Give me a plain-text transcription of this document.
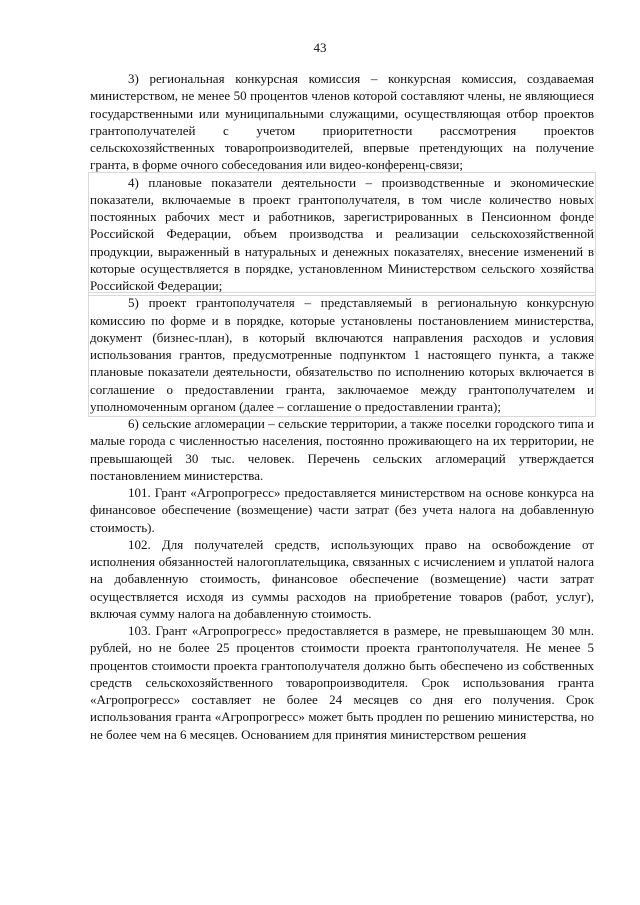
43

3) региональная конкурсная комиссия – конкурсная комиссия, создаваемая министерством, не менее 50 процентов членов которой составляют члены, не являющиеся государственными или муниципальными служащими, осуществляющая отбор проектов грантополучателей с учетом приоритетности рассмотрения проектов сельскохозяйственных товаропроизводителей, впервые претендующих на получение гранта, в форме очного собеседования или видео-конференц-связи;

4) плановые показатели деятельности – производственные и экономические показатели, включаемые в проект грантополучателя, в том числе количество новых постоянных рабочих мест и работников, зарегистрированных в Пенсионном фонде Российской Федерации, объем производства и реализации сельскохозяйственной продукции, выраженный в натуральных и денежных показателях, внесение изменений в которые осуществляется в порядке, установленном Министерством сельского хозяйства Российской Федерации;

5) проект грантополучателя – представляемый в региональную конкурсную комиссию по форме и в порядке, которые установлены постановлением министерства, документ (бизнес-план), в который включаются направления расходов и условия использования грантов, предусмотренные подпунктом 1 настоящего пункта, а также плановые показатели деятельности, обязательство по исполнению которых включается в соглашение о предоставлении гранта, заключаемое между грантополучателем и уполномоченным органом (далее – соглашение о предоставлении гранта);

6) сельские агломерации – сельские территории, а также поселки городского типа и малые города с численностью населения, постоянно проживающего на их территории, не превышающей 30 тыс. человек. Перечень сельских агломераций утверждается постановлением министерства.

101. Грант «Агропрогресс» предоставляется министерством на основе конкурса на финансовое обеспечение (возмещение) части затрат (без учета налога на добавленную стоимость).

102. Для получателей средств, использующих право на освобождение от исполнения обязанностей налогоплательщика, связанных с исчислением и уплатой налога на добавленную стоимость, финансовое обеспечение (возмещение) части затрат осуществляется исходя из суммы расходов на приобретение товаров (работ, услуг), включая сумму налога на добавленную стоимость.

103. Грант «Агропрогресс» предоставляется в размере, не превышающем 30 млн. рублей, но не более 25 процентов стоимости проекта грантополучателя. Не менее 5 процентов стоимости проекта грантополучателя должно быть обеспечено из собственных средств сельскохозяйственного товаропроизводителя. Срок использования гранта «Агропрогресс» составляет не более 24 месяцев со дня его получения. Срок использования гранта «Агропрогресс» может быть продлен по решению министерства, но не более чем на 6 месяцев. Основанием для принятия министерством решения
